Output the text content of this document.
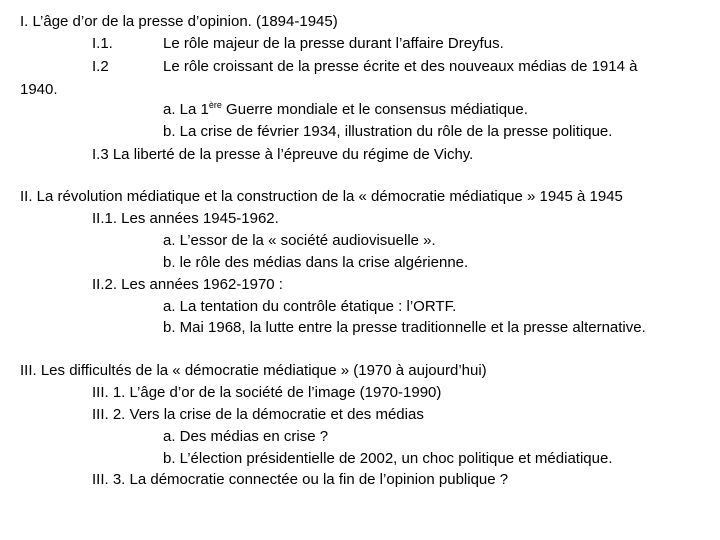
I. L’âge d’or de la presse d’opinion. (1894-1945)
I.1.	Le rôle majeur de la presse durant l’affaire Dreyfus.
I.2	Le rôle croissant de la presse écrite et des nouveaux médias de 1914 à
1940.
a. La 1ère Guerre mondiale et le consensus médiatique.
b. La crise de février 1934, illustration du rôle de la presse politique.
I.3 La liberté de la presse à l’épreuve du régime de Vichy.
II. La révolution médiatique et la construction de la « démocratie médiatique » 1945 à 1945
II.1. Les années 1945-1962.
a. L’essor de la « société audiovisuelle ».
b. le rôle des médias dans la crise algérienne.
II.2. Les années 1962-1970 :
a. La tentation du contrôle étatique : l’ORTF.
b. Mai 1968, la lutte entre la presse traditionnelle et la presse alternative.
III. Les difficultés de la « démocratie médiatique » (1970 à aujourd’hui)
III. 1. L’âge d’or de la société de l’image (1970-1990)
III. 2. Vers la crise de la démocratie et des médias
a. Des médias en crise ?
b. L’élection présidentielle de 2002, un choc politique et médiatique.
III. 3. La démocratie connectée ou la fin de l’opinion publique ?
